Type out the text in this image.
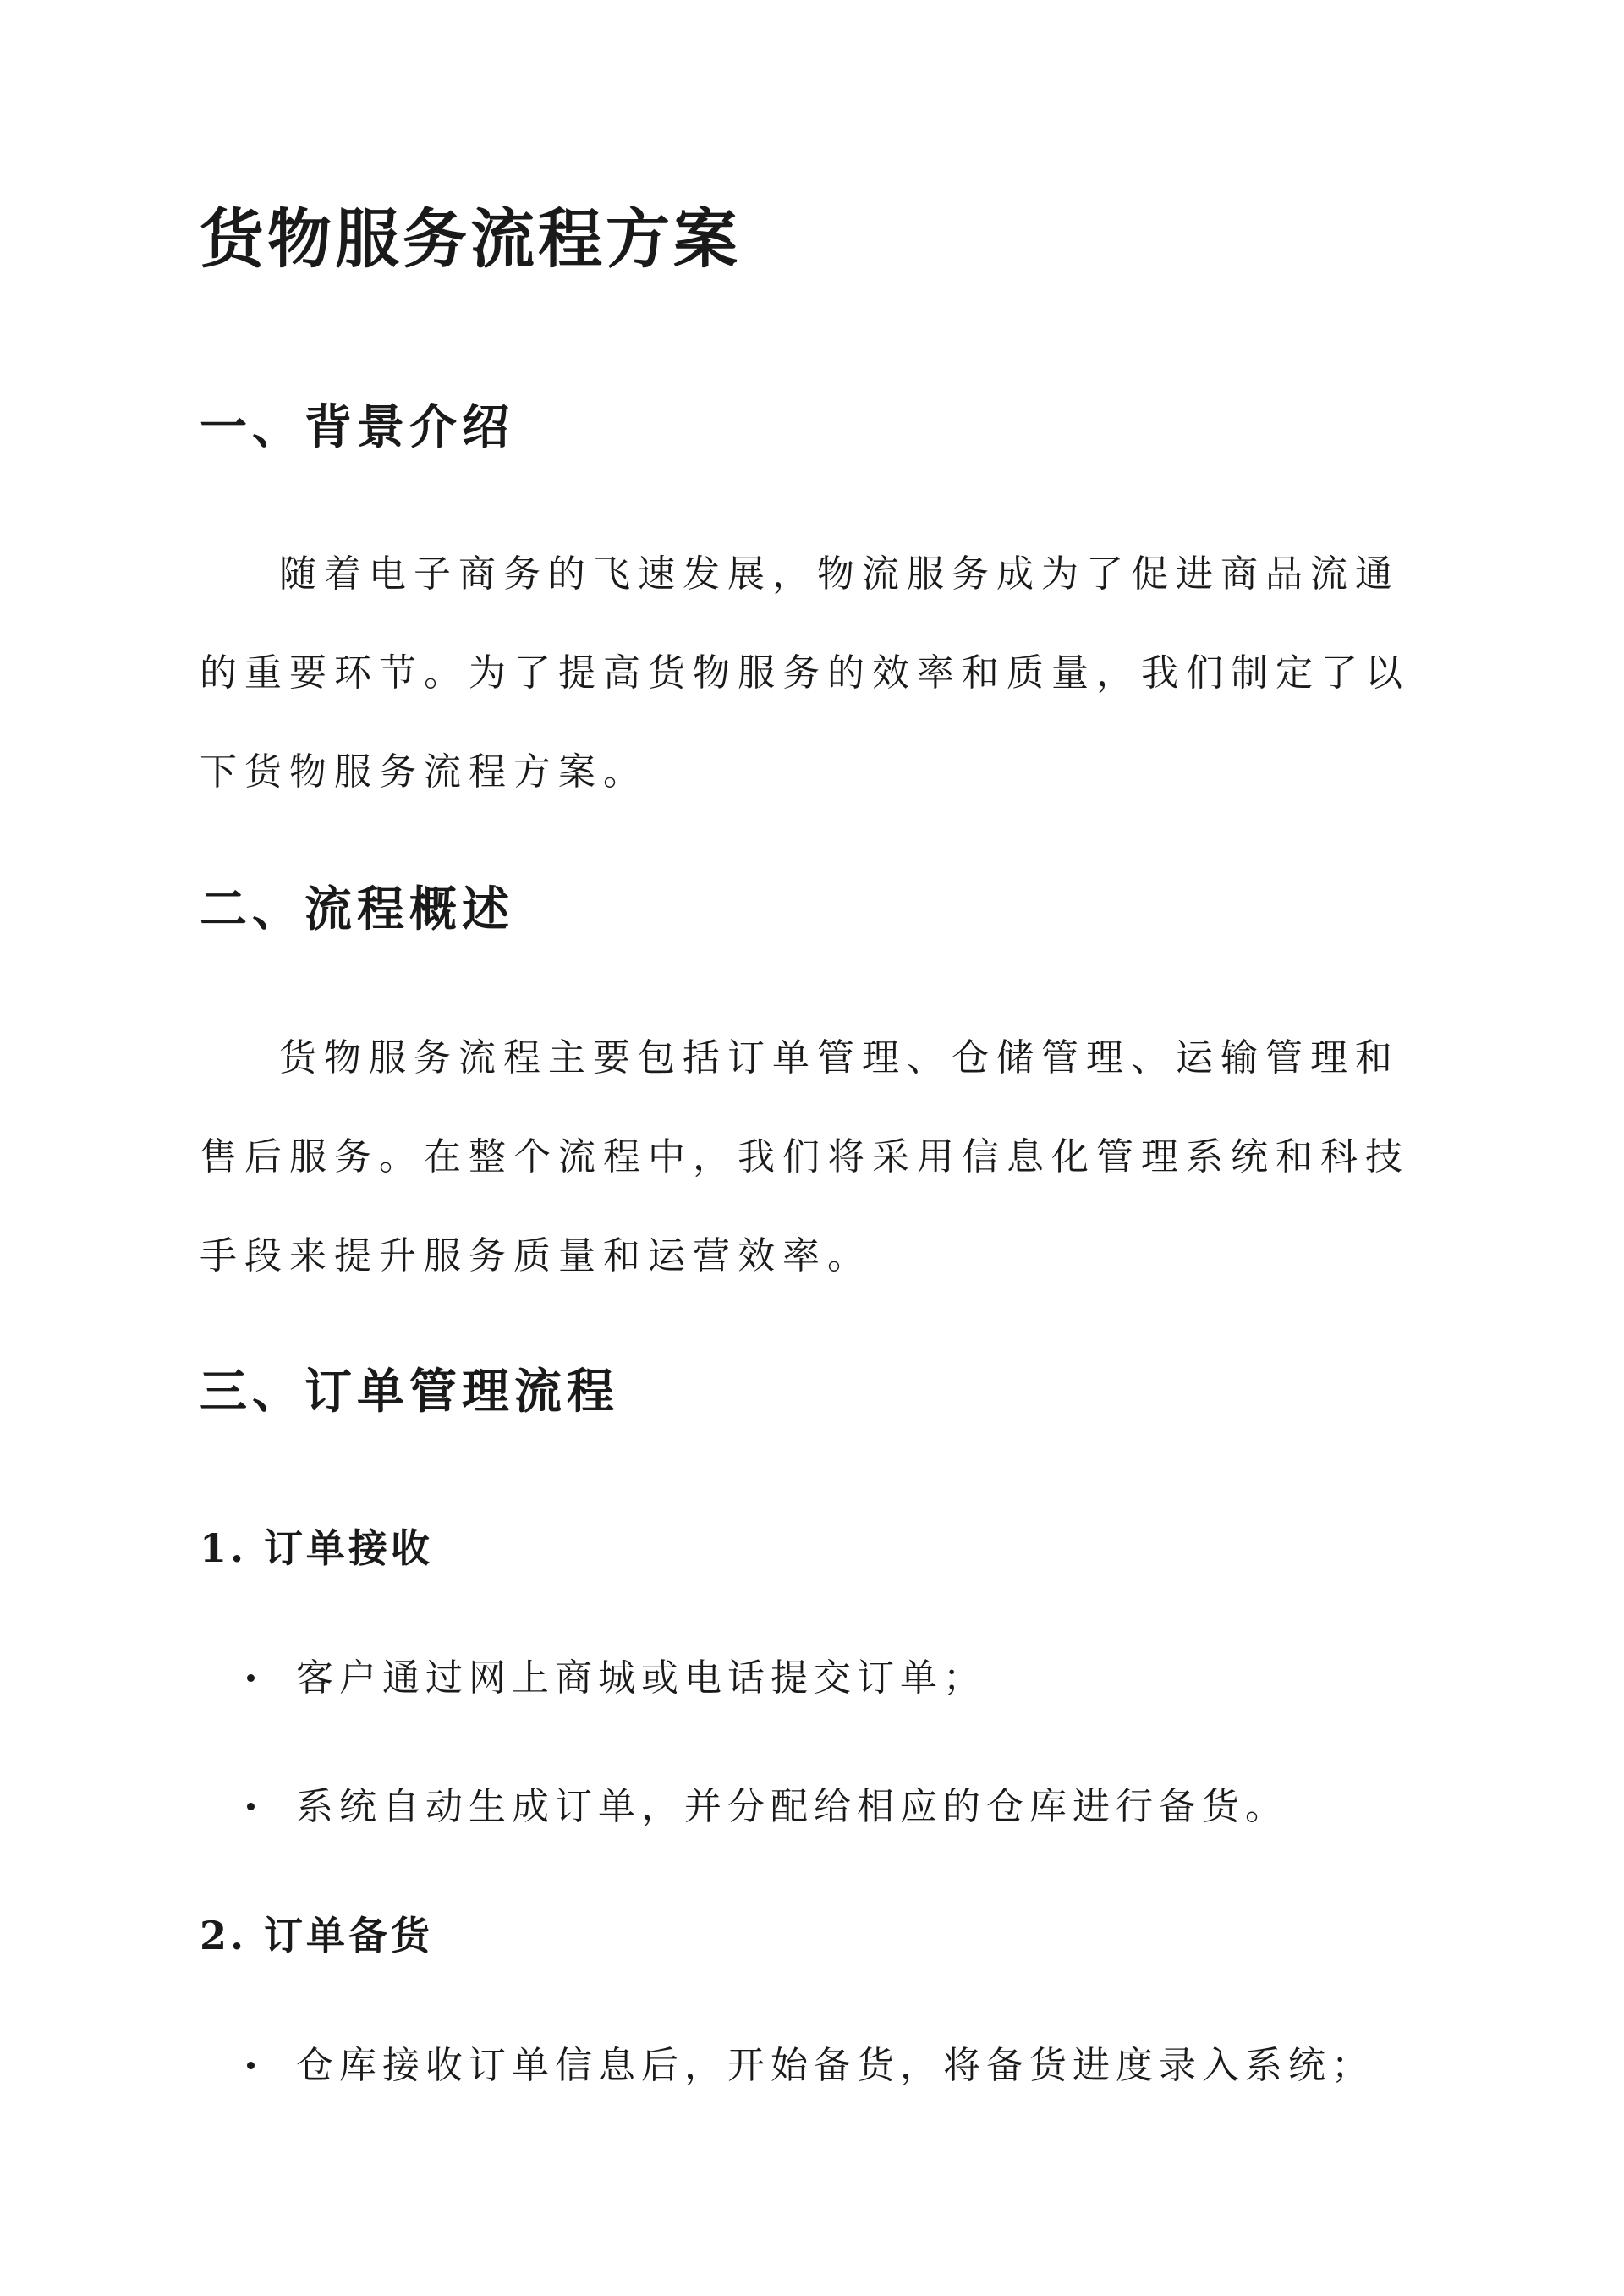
货物服务流程方案
一、背景介绍

随着电子商务的飞速发展，物流服务成为了促进商品流通的重要环节。为了提高货物服务的效率和质量，我们制定了以下货物服务流程方案。

二、流程概述

货物服务流程主要包括订单管理、仓储管理、运输管理和售后服务。在整个流程中，我们将采用信息化管理系统和科技手段来提升服务质量和运营效率。

三、订单管理流程
1. 订单接收
客户通过网上商城或电话提交订单；
系统自动生成订单，并分配给相应的仓库进行备货。
2. 订单备货
仓库接收订单信息后，开始备货，将备货进度录入系统；
